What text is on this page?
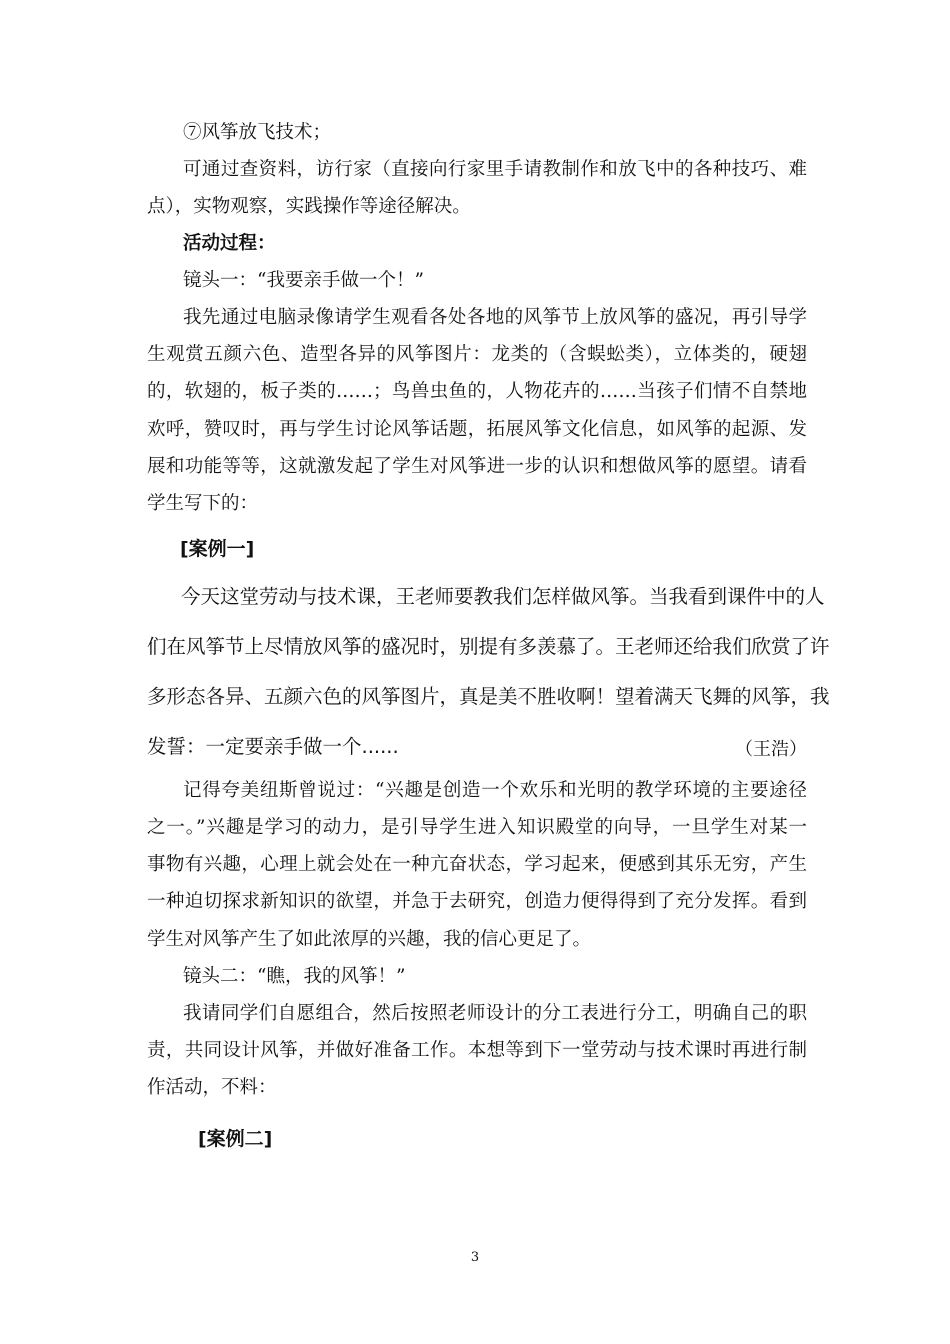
⑦风筝放飞技术；
可通过查资料，访行家（直接向行家里手请教制作和放飞中的各种技巧、难
点），实物观察，实践操作等途径解决。
活动过程：
镜头一：“我要亲手做一个！”
我先通过电脑录像请学生观看各处各地的风筝节上放风筝的盛况，再引导学
生观赏五颜六色、造型各异的风筝图片：龙类的（含蜈蚣类），立体类的，硬翅
的，软翅的，板子类的……；鸟兽虫鱼的，人物花卉的……当孩子们情不自禁地
欢呼，赞叹时，再与学生讨论风筝话题，拓展风筝文化信息，如风筝的起源、发
展和功能等等，这就激发起了学生对风筝进一步的认识和想做风筝的愿望。请看
学生写下的：
[案例一]
今天这堂劳动与技术课，王老师要教我们怎样做风筝。当我看到课件中的人
们在风筝节上尽情放风筝的盛况时，别提有多羡慕了。王老师还给我们欣赏了许
多形态各异、五颜六色的风筝图片，真是美不胜收啊！望着满天飞舞的风筝，我
发誓：一定要亲手做一个......	（王浩）
记得夸美纽斯曾说过：“兴趣是创造一个欢乐和光明的教学环境的主要途径
之一。”兴趣是学习的动力，是引导学生进入知识殿堂的向导，一旦学生对某一
事物有兴趣，心理上就会处在一种亢奋状态，学习起来，便感到其乐无穷，产生
一种迫切探求新知识的欲望，并急于去研究，创造力便得得到了充分发挥。看到
学生对风筝产生了如此浓厚的兴趣，我的信心更足了。
镜头二：“瞧，我的风筝！”
我请同学们自愿组合，然后按照老师设计的分工表进行分工，明确自己的职
责，共同设计风筝，并做好准备工作。本想等到下一堂劳动与技术课时再进行制
作活动，不料：
[案例二]
3
